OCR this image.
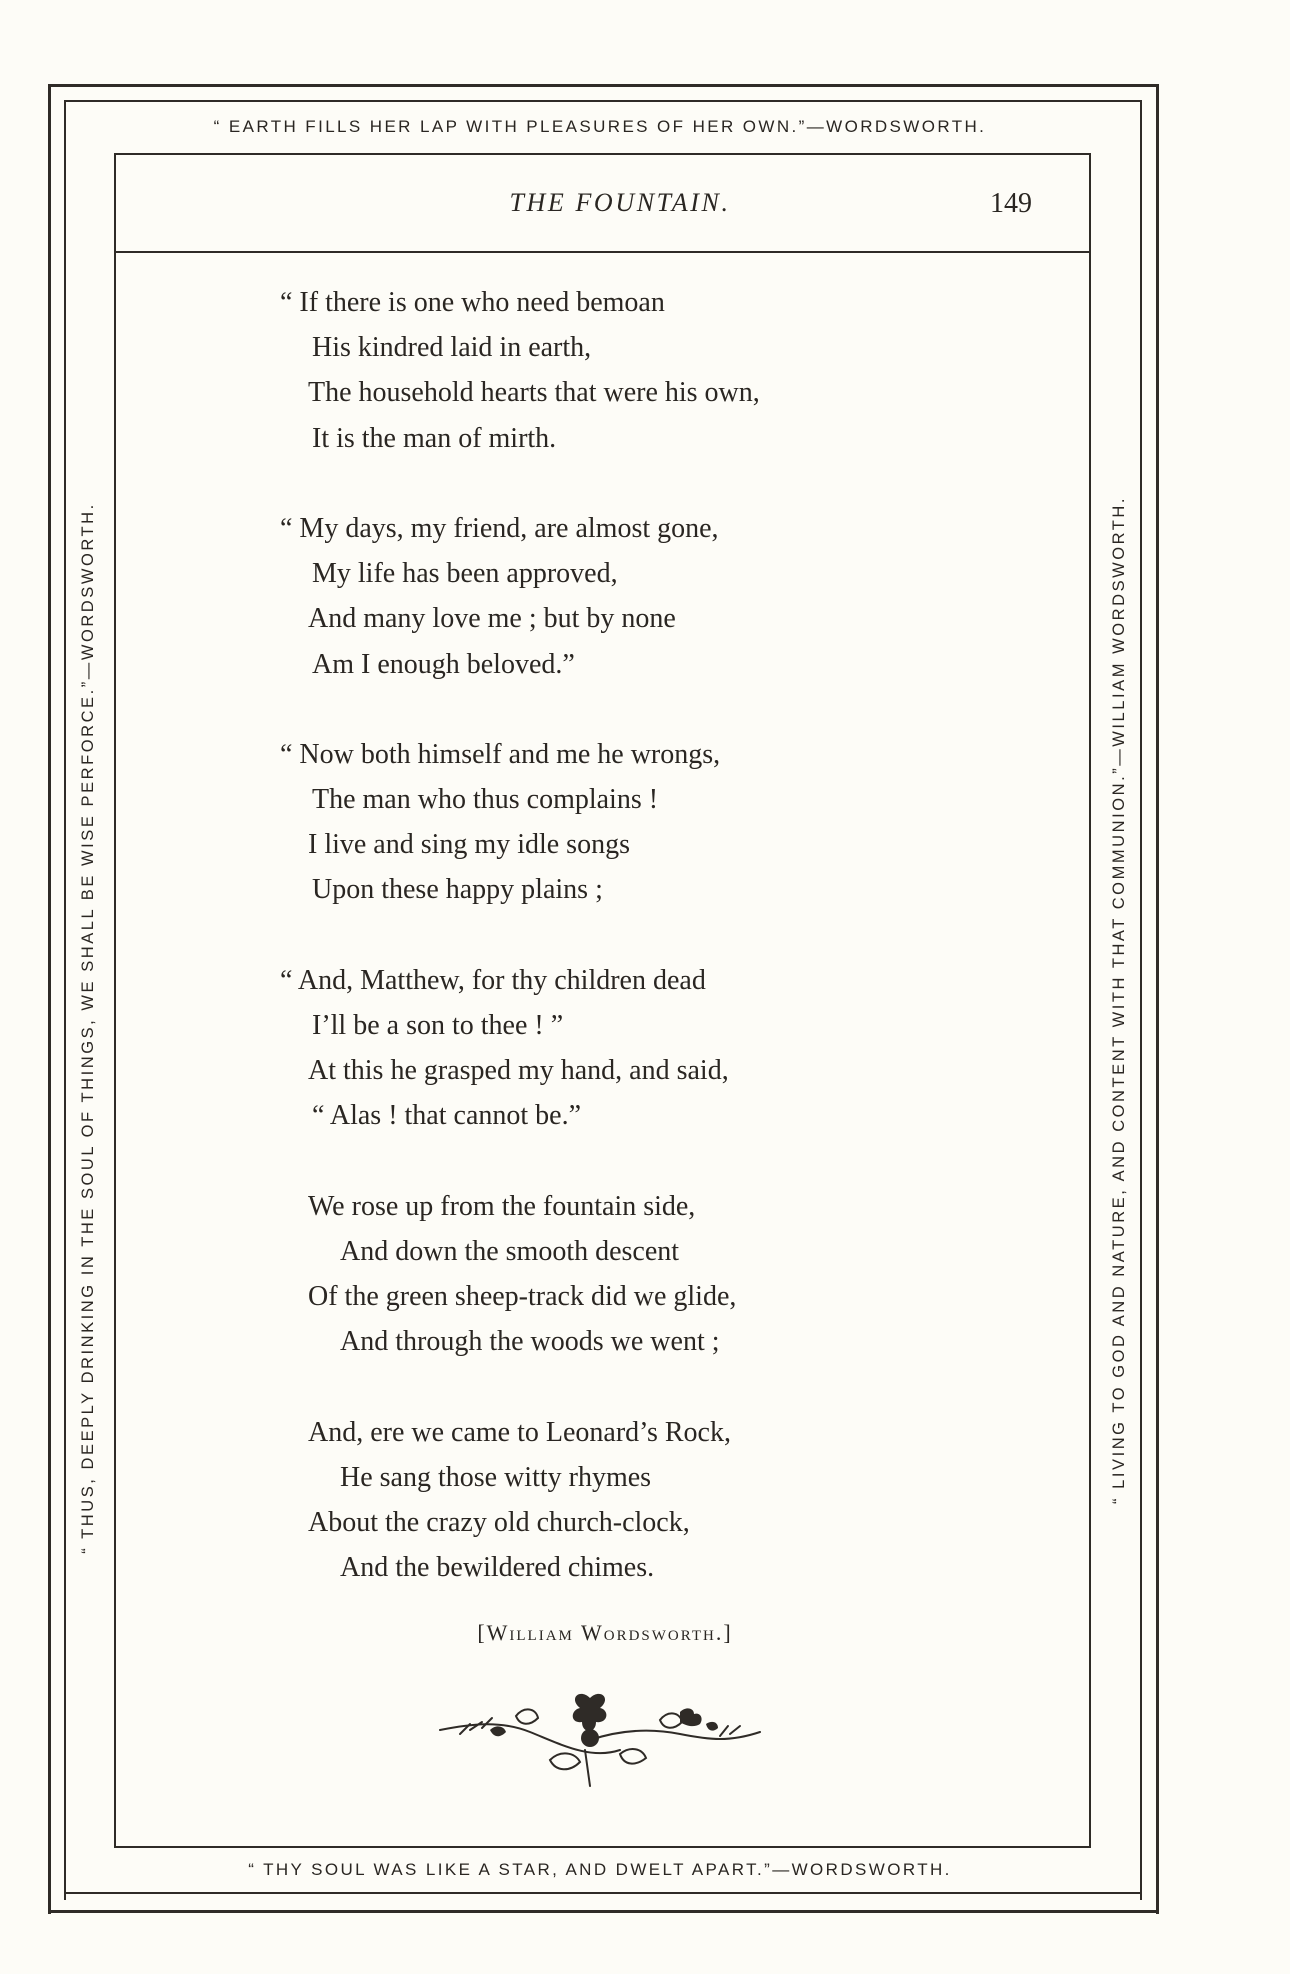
“ EARTH FILLS HER LAP WITH PLEASURES OF HER OWN.”—WORDSWORTH.
“ THY SOUL WAS LIKE A STAR, AND DWELT APART.”—WORDSWORTH.
“ THUS, DEEPLY DRINKING IN THE SOUL OF THINGS, WE SHALL BE WISE PERFORCE.”—WORDSWORTH.	“ LIVING TO GOD AND NATURE, AND CONTENT WITH THAT COMMUNION.”—WILLIAM WORDSWORTH.
THE FOUNTAIN.	149
“ If there is one who need bemoan
His kindred laid in earth,
The household hearts that were his own,
It is the man of mirth.
“ My days, my friend, are almost gone,
My life has been approved,
And many love me ; but by none
Am I enough beloved.”
“ Now both himself and me he wrongs,
The man who thus complains !
I live and sing my idle songs
Upon these happy plains ;
“ And, Matthew, for thy children dead
I’ll be a son to thee ! ”
At this he grasped my hand, and said,
“ Alas ! that cannot be.”
We rose up from the fountain side,
And down the smooth descent
Of the green sheep-track did we glide,
And through the woods we went ;
And, ere we came to Leonard’s Rock,
He sang those witty rhymes
About the crazy old church-clock,
And the bewildered chimes.
[William Wordsworth.]
